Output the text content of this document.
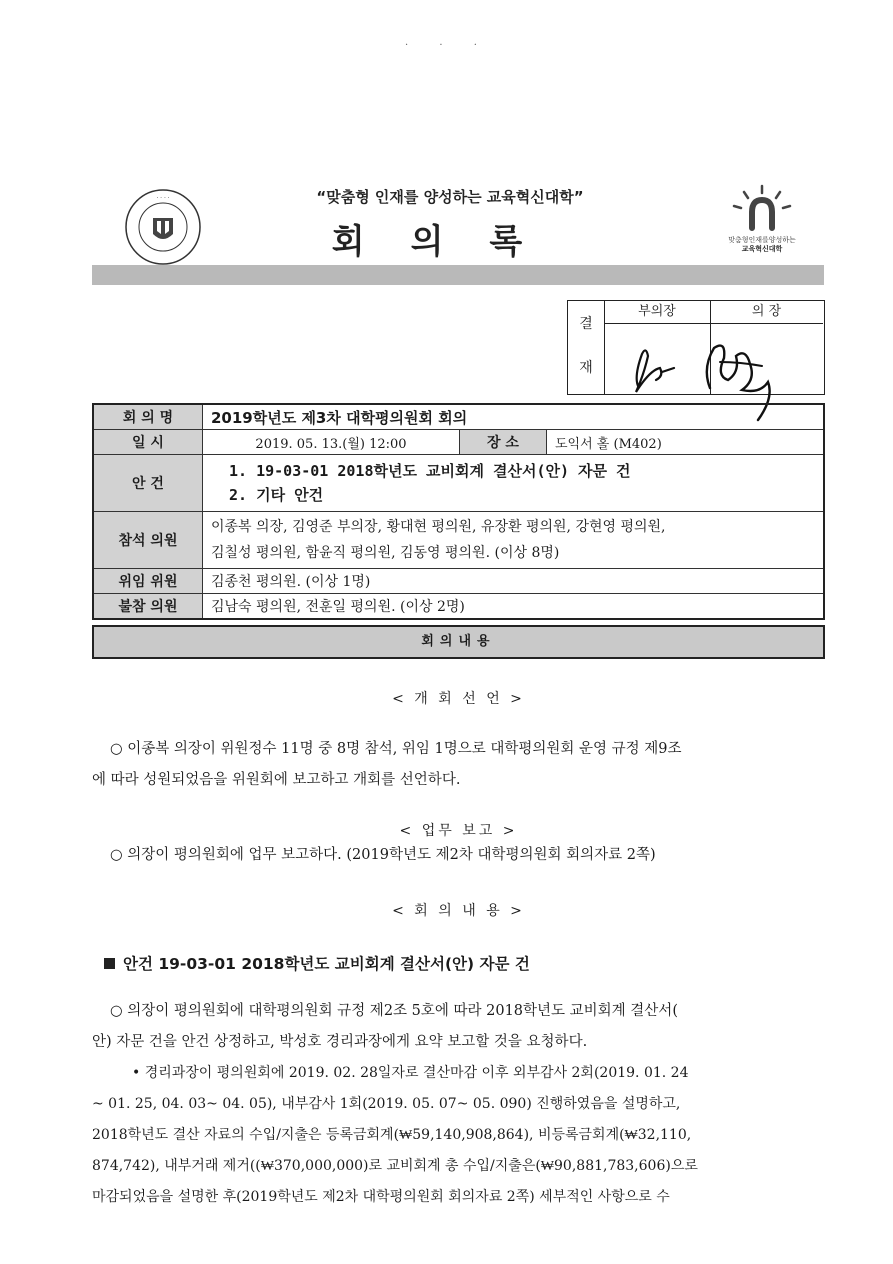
· · ·
· · · ·	“맞춤형 인재를 양성하는 교육혁신대학”
회의록	맞춤형인재를양성하는
교육혁신대학
결
재
부의장	의 장
회 의 명	2019학년도 제3차 대학평의원회 회의		
일 시	2019. 05. 13.(월) 12:00	장 소	도익서 홀 (M402)
안 건	1. 19-03-01 2018학년도 교비회계 결산서(안) 자문 건
2. 기타 안건		

참석 의원	이종복 의장, 김영준 부의장, 황대현 평의원, 유장환 평의원, 강현영 평의원,
김칠성 평의원, 함윤직 평의원, 김동영 평의원. (이상 8명)		

위임 위원	김종천 평의원. (이상 1명)		
불참 의원	김남숙 평의원, 전훈일 평의원. (이상 2명)		
회의내용
< 개 회 선 언 >
○ 이종복 의장이 위원정수 11명 중 8명 참석, 위임 1명으로 대학평의원회 운영 규정 제9조
에 따라 성원되었음을 위원회에 보고하고 개회를 선언하다.
< 업무 보고 >
○ 의장이 평의원회에 업무 보고하다. (2019학년도 제2차 대학평의원회 회의자료 2쪽)
< 회 의 내 용 >
안건 19-03-01 2018학년도 교비회계 결산서(안) 자문 건
○ 의장이 평의원회에 대학평의원회 규정 제2조 5호에 따라 2018학년도 교비회계 결산서(
안) 자문 건을 안건 상정하고, 박성호 경리과장에게 요약 보고할 것을 요청하다.
• 경리과장이 평의원회에 2019. 02. 28일자로 결산마감 이후 외부감사 2회(2019. 01. 24
~ 01. 25, 04. 03~ 04. 05), 내부감사 1회(2019. 05. 07~ 05. 090) 진행하였음을 설명하고,
2018학년도 결산 자료의 수입/지출은 등록금회계(₩59,140,908,864), 비등록금회계(₩32,110,
874,742), 내부거래 제거((₩370,000,000)로 교비회계 총 수입/지출은(₩90,881,783,606)으로
마감되었음을 설명한 후(2019학년도 제2차 대학평의원회 회의자료 2쪽) 세부적인 사항으로 수
